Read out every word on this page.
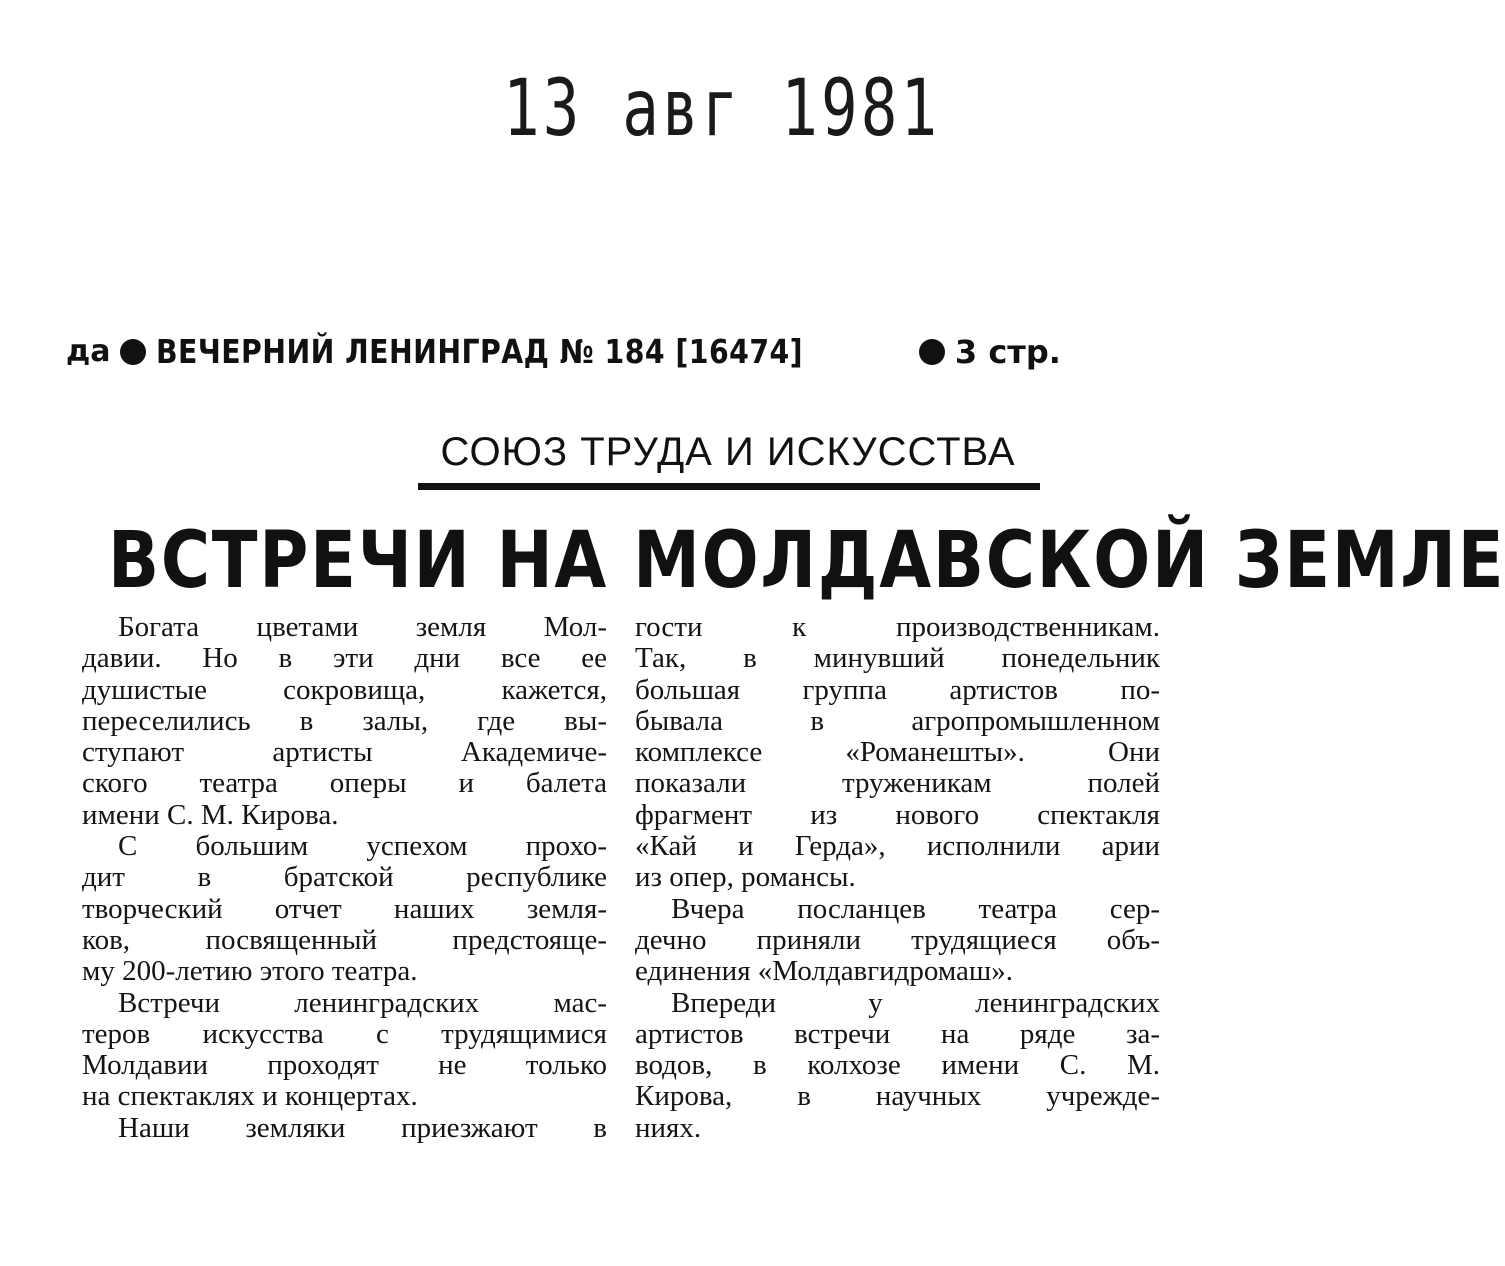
13 авг 1981
да ВЕЧЕРНИЙ ЛЕНИНГРАД № 184 [16474]	3 стр.
СОЮЗ ТРУДА И ИСКУССТВА
ВСТРЕЧИ НА МОЛДАВСКОЙ ЗЕМЛЕ
Богата цветами земля Мол-
давии. Но в эти дни все ее
душистые сокровища, кажется,
переселились в залы, где вы-
ступают артисты Академиче-
ского театра оперы и балета
имени С. М. Кирова.
С большим успехом прохо-
дит в братской республике
творческий отчет наших земля-
ков, посвященный предстояще-
му 200-летию этого театра.
Встречи ленинградских мас-
теров искусства с трудящимися
Молдавии проходят не только
на спектаклях и концертах.
Наши земляки приезжают в
гости к производственникам.
Так, в минувший понедельник
большая группа артистов по-
бывала в агропромышленном
комплексе «Романешты». Они
показали труженикам полей
фрагмент из нового спектакля
«Кай и Герда», исполнили арии
из опер, романсы.
Вчера посланцев театра сер-
дечно приняли трудящиеся объ-
единения «Молдавгидромаш».
Впереди у ленинградских
артистов встречи на ряде за-
водов, в колхозе имени С. М.
Кирова, в научных учрежде-
ниях.
